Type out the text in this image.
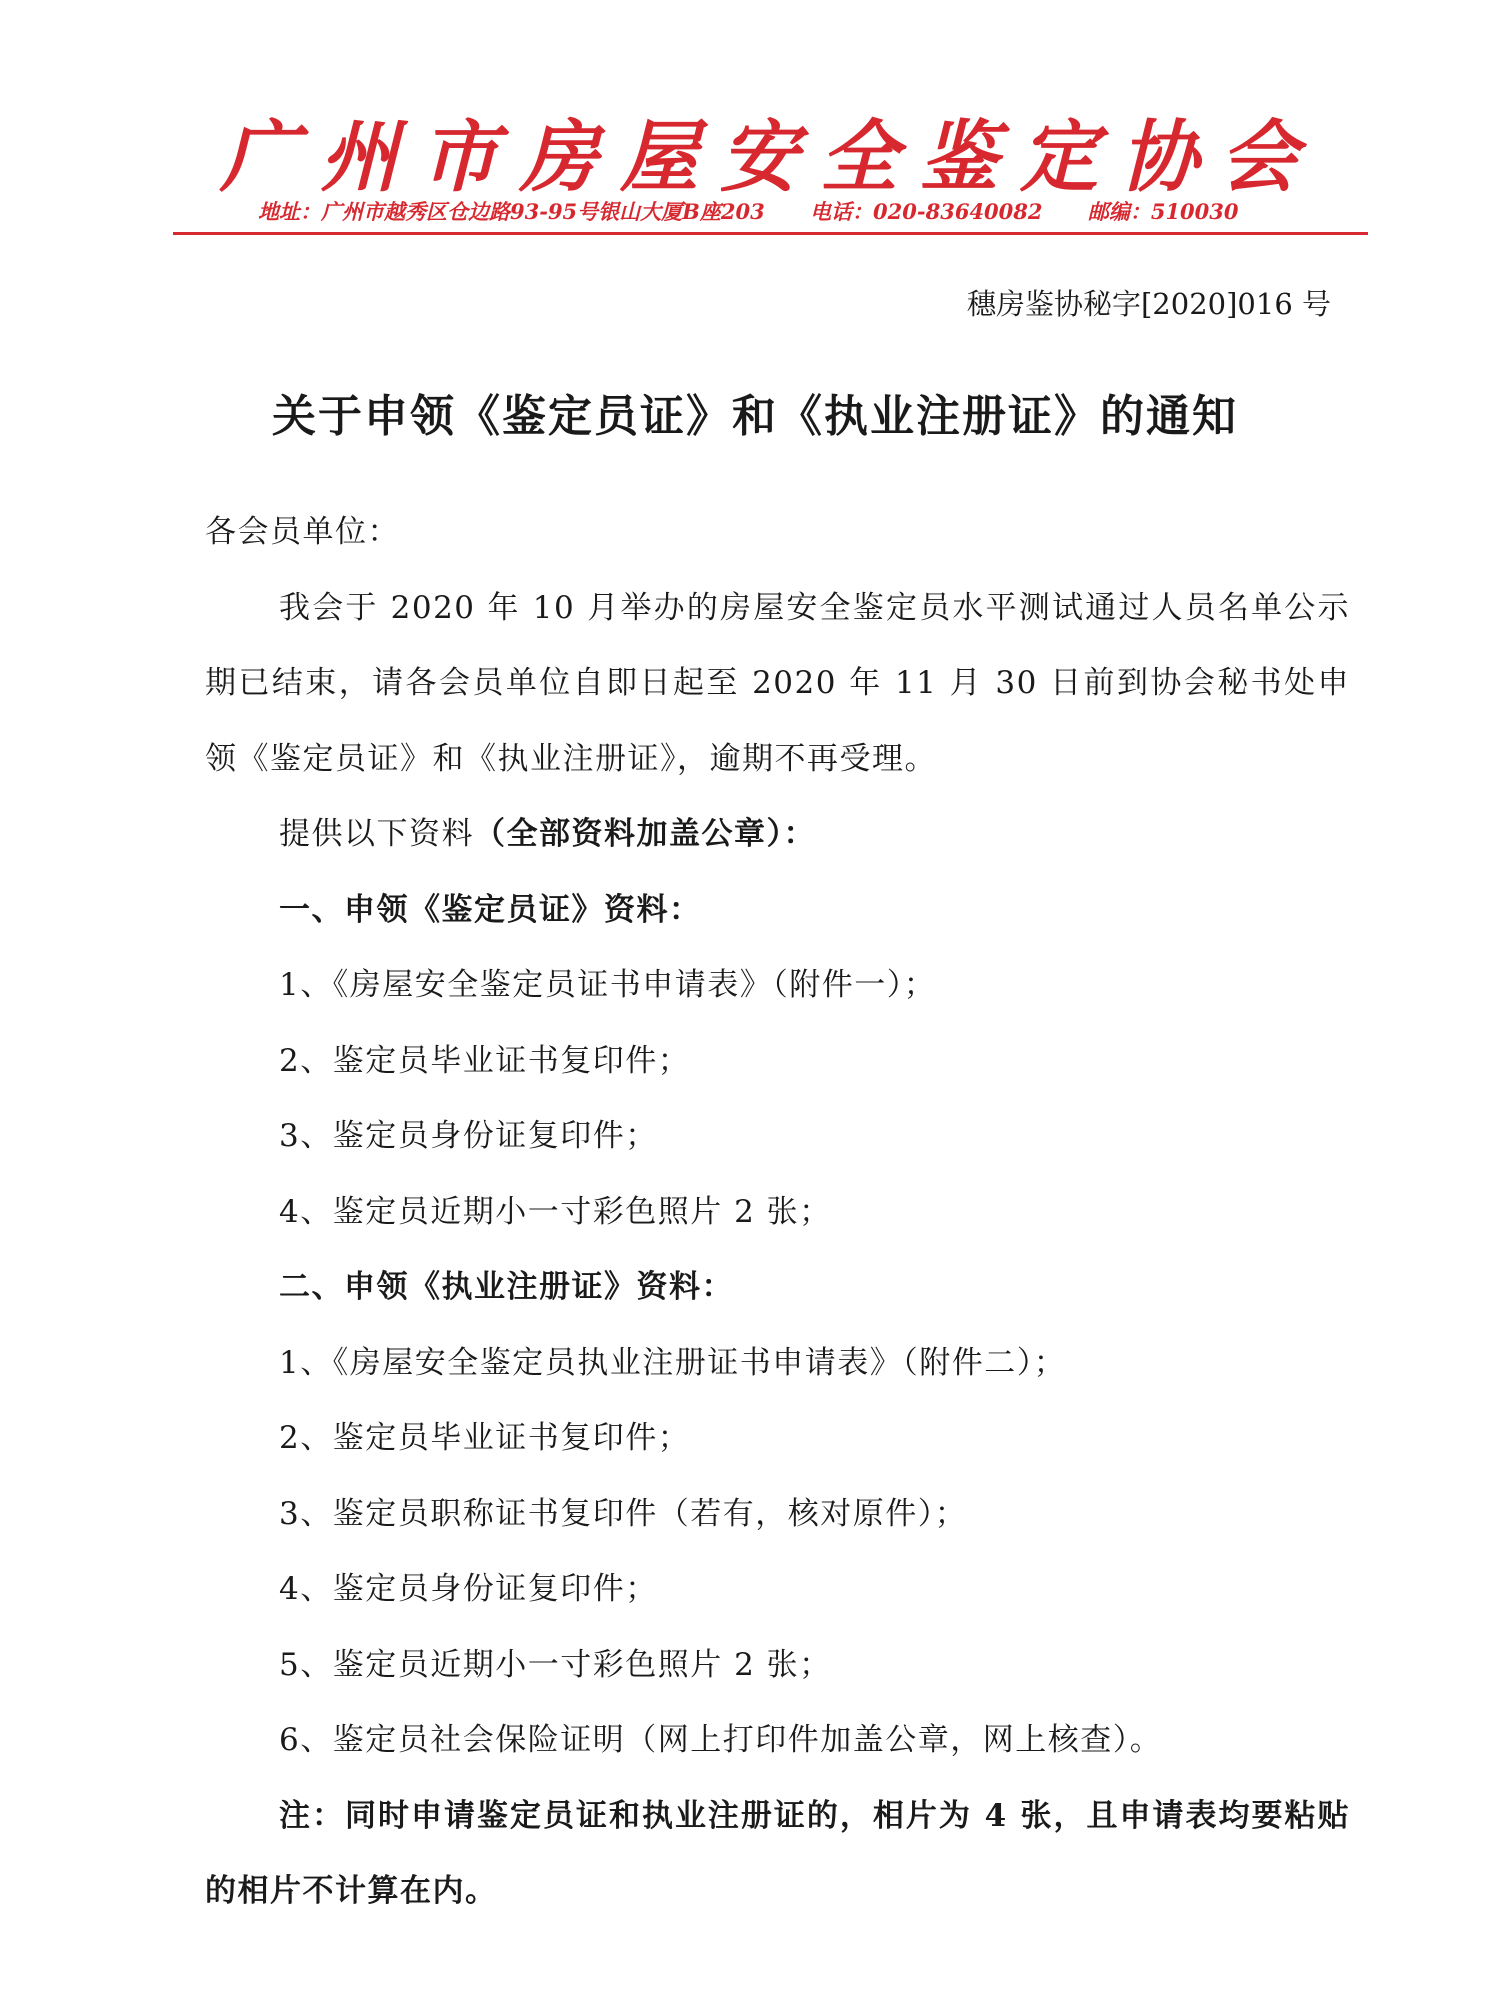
广州市房屋安全鉴定协会
地址：广州市越秀区仓边路93-95号银山大厦B座203 电话：020-83640082 邮编：510030
穗房鉴协秘字[2020]016 号
关于申领《鉴定员证》和《执业注册证》的通知

各会员单位：

我会于 2020 年 10 月举办的房屋安全鉴定员水平测试通过人员名单公示期已结束，请各会员单位自即日起至 2020 年 11 月 30 日前到协会秘书处申领《鉴定员证》和《执业注册证》，逾期不再受理。

提供以下资料（全部资料加盖公章）：

一、申领《鉴定员证》资料：

1、《房屋安全鉴定员证书申请表》（附件一）；

2、鉴定员毕业证书复印件；

3、鉴定员身份证复印件；

4、鉴定员近期小一寸彩色照片 2 张；

二、申领《执业注册证》资料：

1、《房屋安全鉴定员执业注册证书申请表》（附件二）；

2、鉴定员毕业证书复印件；

3、鉴定员职称证书复印件（若有，核对原件）；

4、鉴定员身份证复印件；

5、鉴定员近期小一寸彩色照片 2 张；

6、鉴定员社会保险证明（网上打印件加盖公章，网上核查）。

注：同时申请鉴定员证和执业注册证的，相片为 4 张，且申请表均要粘贴的相片不计算在内。
